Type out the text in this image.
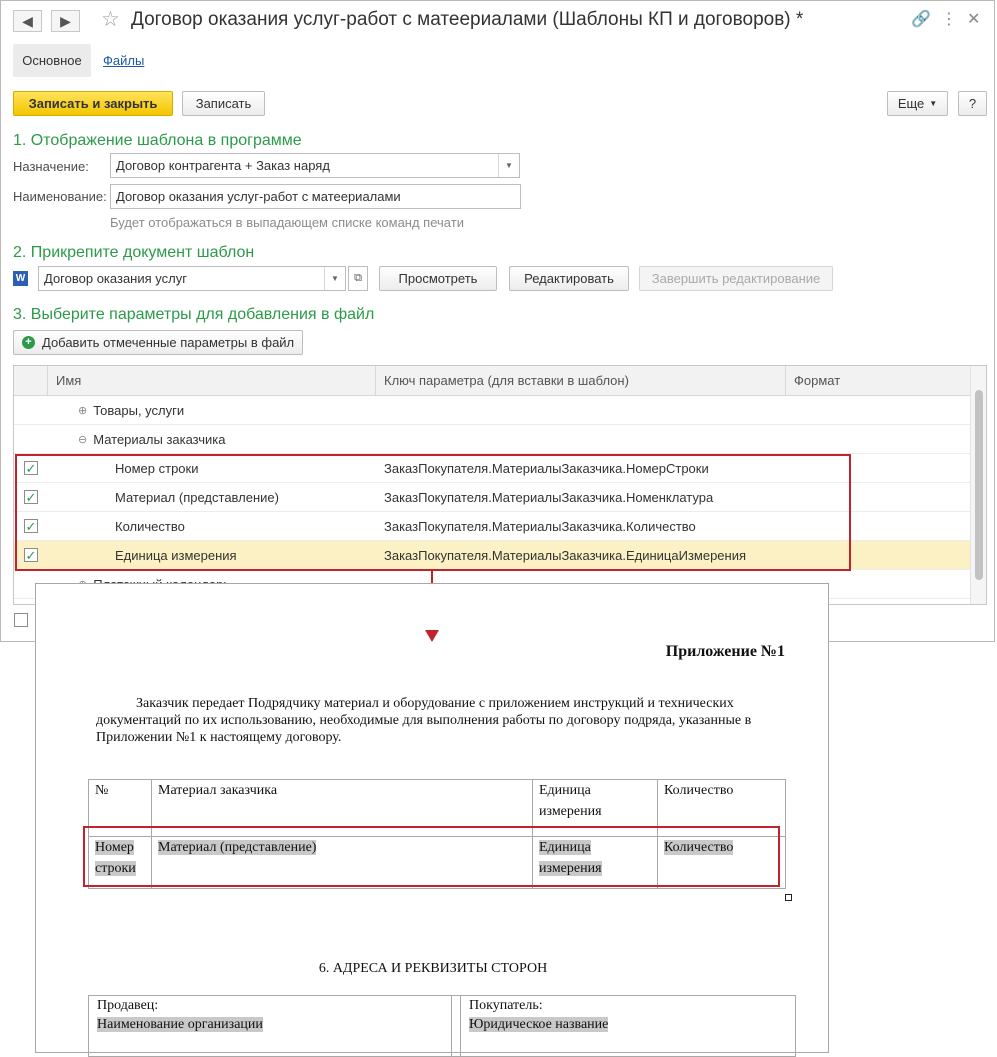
◀ ▶ ☆ Договор оказания услуг-работ с матеериалами (Шаблоны КП и договоров) *	🔗 ⋮ ✕
Основное	Файлы
Записать и закрыть	Записать	Еще ▼	?
1. Отображение шаблона в программе
Назначение: Договор контрагента + Заказ наряд	▼
Наименование: Договор оказания услуг-работ с матеериалами
Будет отображаться в выпадающем списке команд печати
2. Прикрепите документ шаблон
W Договор оказания услуг	▼	⧉	Просмотреть	Редактировать	Завершить редактирование
3. Выберите параметры для добавления в файл
+ Добавить отмеченные параметры в файл
Имя	Ключ параметра (для вставки в шаблон)	Формат
⊕ Товары, услуги
⊖ Материалы заказчика
✓	Номер строки	ЗаказПокупателя.МатериалыЗаказчика.НомерСтроки
✓	Материал (представление)	ЗаказПокупателя.МатериалыЗаказчика.Номенклатура
✓	Количество	ЗаказПокупателя.МатериалыЗаказчика.Количество
✓	Единица измерения	ЗаказПокупателя.МатериалыЗаказчика.ЕдиницаИзмерения
Приложение №1
Заказчик передает Подрядчику материал и оборудование с приложением инструкций и технических документаций по их использованию, необходимые для выполнения работы по договору подряда, указанные в Приложении №1 к настоящему договору.
№	Материал заказчика	Единица измерения	Количество
Номер строки	Материал (представление)	Единица измерения	Количество
6. АДРЕСА И РЕКВИЗИТЫ СТОРОН
Продавец:
Наименование организации		
Покупатель:
Юридическое название
